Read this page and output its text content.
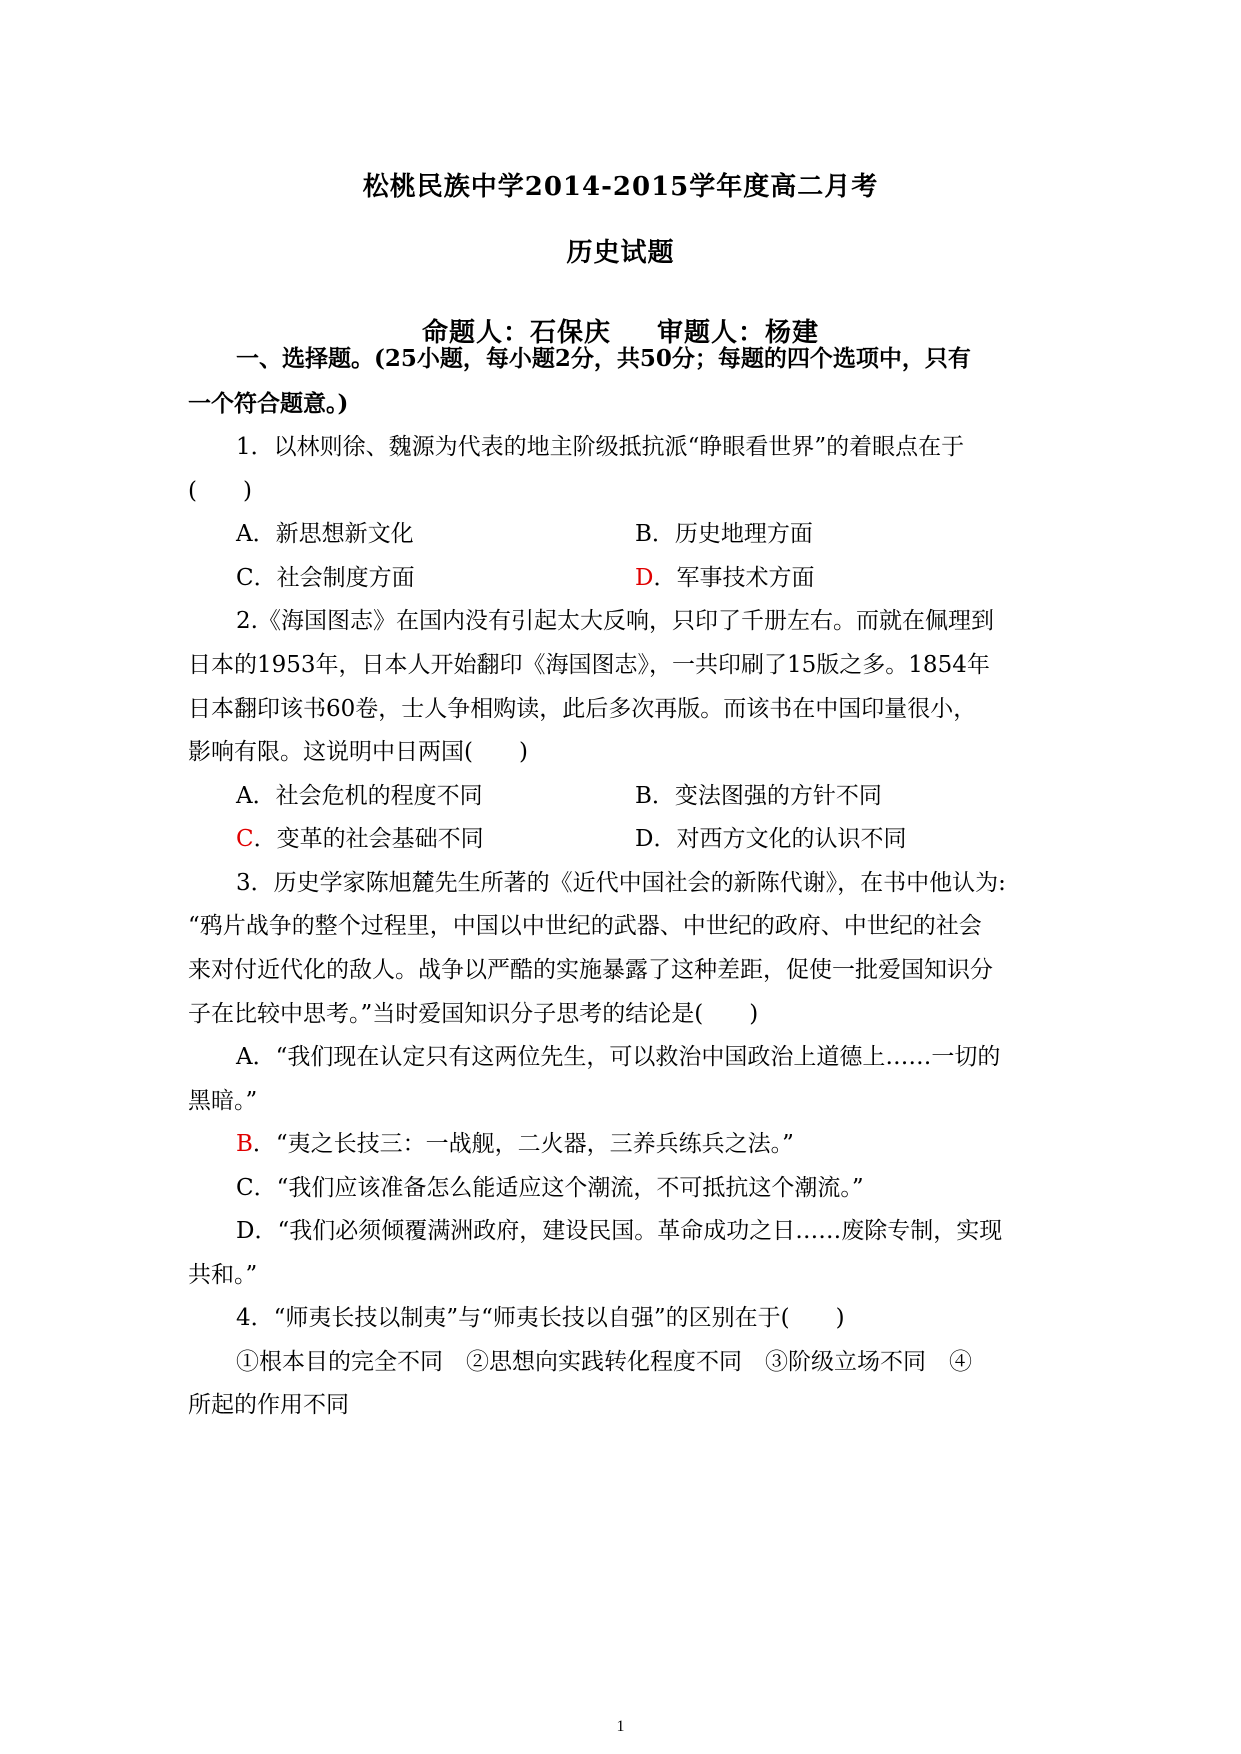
松桃民族中学2014-2015学年度高二月考
历史试题
命题人：石保庆 审题人：杨建
一、选择题。(25小题，每小题2分，共50分；每题的四个选项中，只有
一个符合题意。)
1．以林则徐、魏源为代表的地主阶级抵抗派“睁眼看世界”的着眼点在于
(　　)
A．新思想新文化	B．历史地理方面
C．社会制度方面	D．军事技术方面
2.《海国图志》在国内没有引起太大反响，只印了千册左右。而就在佩理到
日本的1953年，日本人开始翻印《海国图志》，一共印刷了15版之多。1854年
日本翻印该书60卷，士人争相购读，此后多次再版。而该书在中国印量很小，
影响有限。这说明中日两国(　　)
A．社会危机的程度不同	B．变法图强的方针不同
C．变革的社会基础不同	D．对西方文化的认识不同
3．历史学家陈旭麓先生所著的《近代中国社会的新陈代谢》，在书中他认为:
“鸦片战争的整个过程里，中国以中世纪的武器、中世纪的政府、中世纪的社会
来对付近代化的敌人。战争以严酷的实施暴露了这种差距，促使一批爱国知识分
子在比较中思考。”当时爱国知识分子思考的结论是(　　)
A．“我们现在认定只有这两位先生，可以救治中国政治上道德上……一切的
黑暗。”
B．“夷之长技三：一战舰，二火器，三养兵练兵之法。”
C．“我们应该准备怎么能适应这个潮流，不可抵抗这个潮流。”
D．“我们必须倾覆满洲政府，建设民国。革命成功之日……废除专制，实现
共和。”
4．“师夷长技以制夷”与“师夷长技以自强”的区别在于(　　)
①根本目的完全不同　②思想向实践转化程度不同　③阶级立场不同　④
所起的作用不同
1
